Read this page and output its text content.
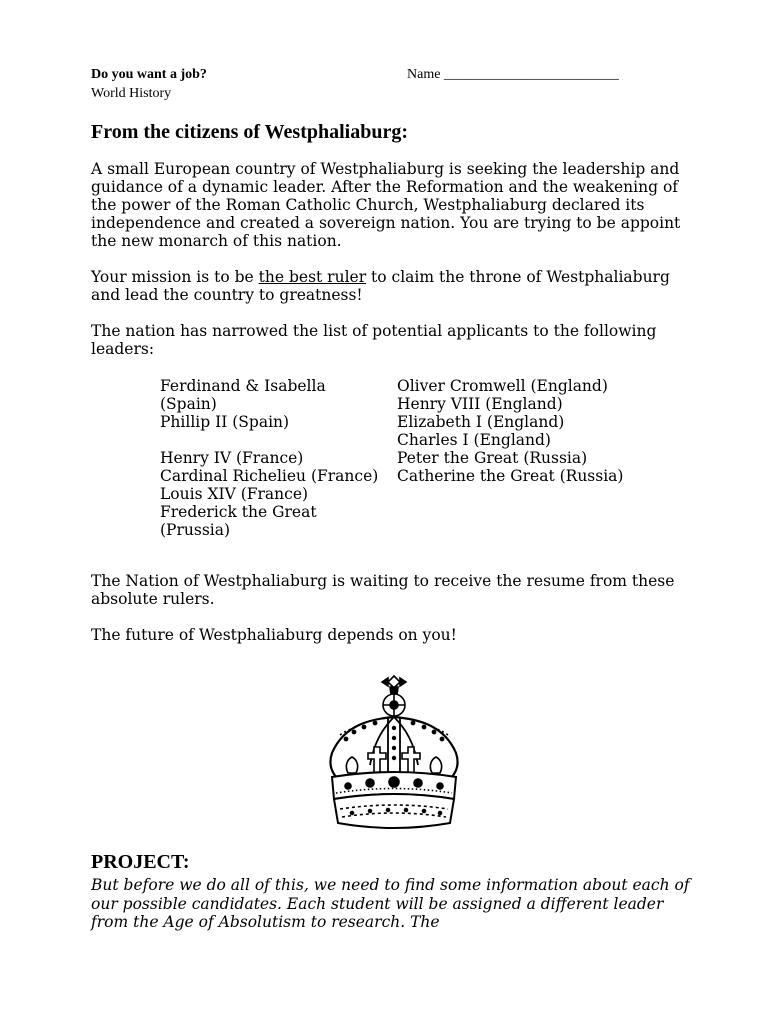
Do you want a job?
World History
Name _________________________
From the citizens of Westphaliaburg:

A small European country of Westphaliaburg is seeking the leadership and guidance of a dynamic leader. After the Reformation and the weakening of the power of the Roman Catholic Church, Westphaliaburg declared its independence and created a sovereign nation. You are trying to be appoint the new monarch of this nation.

Your mission is to be the best ruler to claim the throne of Westphaliaburg and lead the country to greatness!

The nation has narrowed the list of potential applicants to the following leaders:

Ferdinand & Isabella (Spain)
Phillip II (Spain)
Henry IV (France)
Cardinal Richelieu (France)
Louis XIV (France)
Frederick the Great (Prussia)
Oliver Cromwell (England)
Henry VIII (England)
Elizabeth I (England)
Charles I (England)
Peter the Great (Russia)
Catherine the Great (Russia)

The Nation of Westphaliaburg is waiting to receive the resume from these absolute rulers.

The future of Westphaliaburg depends on you!

PROJECT:
But before we do all of this, we need to find some information about each of our possible candidates. Each student will be assigned a different leader from the Age of Absolutism to research. The
